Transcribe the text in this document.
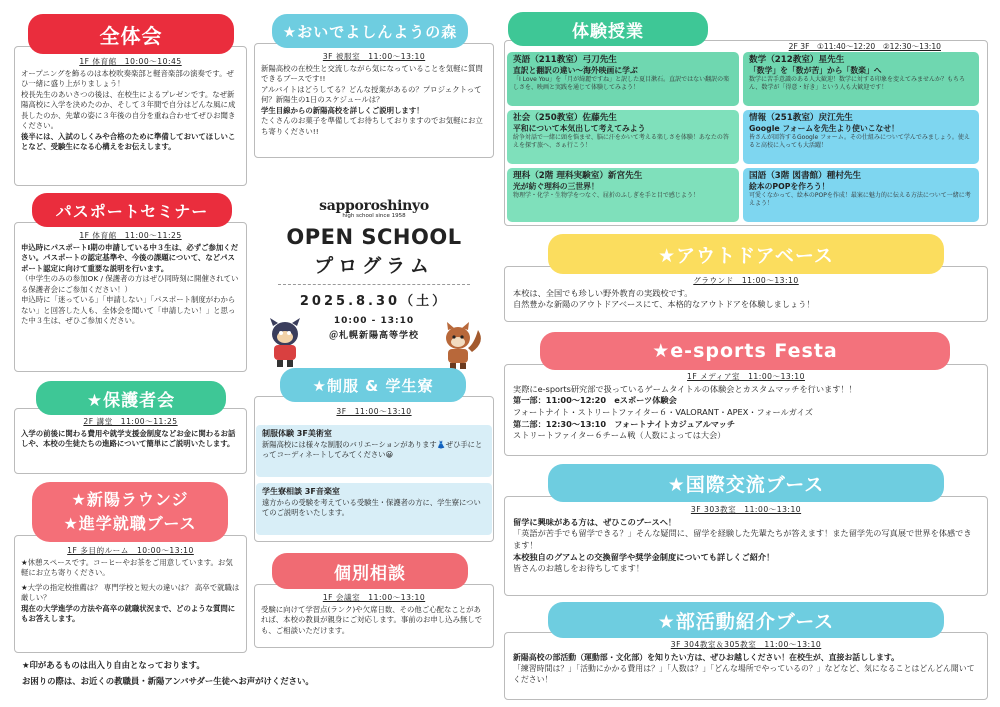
全体会
1F 体育館　10:00～10:45
オープニングを飾るのは本校吹奏楽部と軽音楽部の演奏です。ぜひ一緒に盛り上がりましょう！
校長先生のあいさつの後は、在校生によるプレゼンです。なぜ新陽高校に入学を決めたのか、そして３年間で自分はどんな風に成長したのか、先輩の姿に３年後の自分を重ね合わせてぜひお聞きください。
後半には、入試のしくみや合格のために準備しておいてほしいことなど、受験生になる心構えをお伝えします。
パスポートセミナー
1F 体育館　11:00～11:25
申込時にパスポートⅠ期の申請している中３生は、必ずご参加ください。パスポートの認定基準や、今後の課題について、などパスポート認定に向けて重要な説明を行います。
（中学生のみの参加OK / 保護者の方はぜひ同時刻に開催されている保護者会にご参加ください！）
申込時に「迷っている」「申請しない」「パスポート制度がわからない」と回答した人も、全体会を聞いて「申請したい！」と思った中３生は、ぜひご参加ください。
★保護者会
2F 講堂　11:00～11:25
入学の前後に関わる費用や就学支援金制度などお金に関わるお話しや、本校の生徒たちの進路について簡単にご説明いたします。
★新陽ラウンジ
★進学就職ブース
1F 多目的ルーム　10:00～13:10
★休憩スペースです。コーヒーやお茶をご用意しています。お気軽にお立ち寄りください。
★大学の指定校推薦は？ 専門学校と短大の違いは？ 高卒で就職は厳しい？
現在の大学進学の方法や高卒の就職状況まで、どのような質問にもお答えします。
★印があるものは出入り自由となっております。
お困りの際は、お近くの教職員・新陽アンバサダー生徒へお声がけください。
★おいでよしんようの森
3F 被服室　11:00～13:10
新陽高校の在校生と交流しながら気になっていることを気軽に質問できるブースです!!
アルバイトはどうしてる？どんな授業があるの？プロジェクトって何？新陽生の1日のスケジュールは？
学生目線からの新陽高校を詳しくご説明します！
たくさんのお菓子を準備してお待ちしておりますのでお気軽にお立ち寄りください!!
sapporoshinyo
high school since 1958
OPEN SCHOOL
プログラム
2025.8.30（土）
10:00 - 13:10
＠札幌新陽高等学校
★制服 & 学生寮
3F　11:00～13:10
制服体験 3F美術室
新陽高校には様々な制服のバリエーションがあります👗ぜひ手にとってコーディネートしてみてください😀
学生寮相談 3F音楽室
遠方からの受験を考えている受験生・保護者の方に、学生寮についてのご説明をいたします。
個別相談
1F 会議室　11:00～13:10
受験に向けて学習点(ランク)や欠席日数、その他ご心配なことがあれば、本校の教員が親身にご対応します。事前のお申し込み無しでも、ご相談いただけます。
体験授業
2F 3F　①11:40～12:20　②12:30～13:10
英語（211教室）弓刀先生
直訳と翻訳の違い〜海外映画に学ぶ
「I Love You」を「月が綺麗ですね」と訳した夏目漱石。直訳ではない翻訳の楽しさを、映画と実践を通じて体験してみよう！
数学（212教室）星先生
「数学」を「数が苦」から「数楽」へ
数学に苦手意識のある人大歓迎！数学に対する印象を変えてみませんか？もちろん、数学が「得意・好き」という人も大歓迎です！
社会（250教室）佐藤先生
平和について本気出して考えてみよう
紛争対話で一緒に頭を悩ませ、脳に汗をかいて考える楽しさを体験！あなたの答えを探す旅へ、さぁ行こう！
情報（251教室）戻江先生
Google フォームを先生より使いこなせ！
皆さんが回答するGoogle フォーム。その仕組みについて学んでみましょう。使えると高校に入っても大活躍！
理科（2階 理科実験室）新宮先生
光が紡ぐ理科の三世界！
物理学・化学・生物学をつなぐ、屈折のふしぎを手と目で感じよう！
国語（3階 図書館）種村先生
絵本のPOPを作ろう！
可愛くなかって、絵本のPOPを作成！最案に魅力的に伝える方法について一緒に考えよう！
★アウトドアベース
グラウンド　11:00～13:10
本校は、全国でも珍しい野外教育の実践校です。
自然豊かな新陽のアウトドアベースにて、本格的なアウトドアを体験しましょう！
★e-sports Festa
1F メディア室　11:00～13:10
実際にe-sports研究部で扱っているゲームタイトルの体験会とカスタムマッチを行います！！
第一部：11:00～12:20　eスポーツ体験会
フォートナイト・ストリートファイター６・VALORANT・APEX・フォールガイズ
第二部：12:30～13:10　フォートナイトカジュアルマッチ
ストリートファイター６チーム戦（人数によっては大会）
★国際交流ブース
3F 303教室　11:00～13:10
留学に興味がある方は、ぜひこのブースへ！
「英語が苦手でも留学できる？」そんな疑問に、留学を経験した先輩たちが答えます！また留学先の写真展で世界を体感できます！
本校独自のグアムとの交換留学や奨学金制度についても詳しくご紹介！
皆さんのお越しをお待ちしてます！
★部活動紹介ブース
3F 304教室＆305教室　11:00～13:10
新陽高校の部活動（運動部・文化部）を知りたい方は、ぜひお越しください！在校生が、直接お話しします。
「練習時間は？」「活動にかかる費用は？」「人数は？」「どんな場所でやっているの？」などなど、気になることはどんどん聞いてください！
